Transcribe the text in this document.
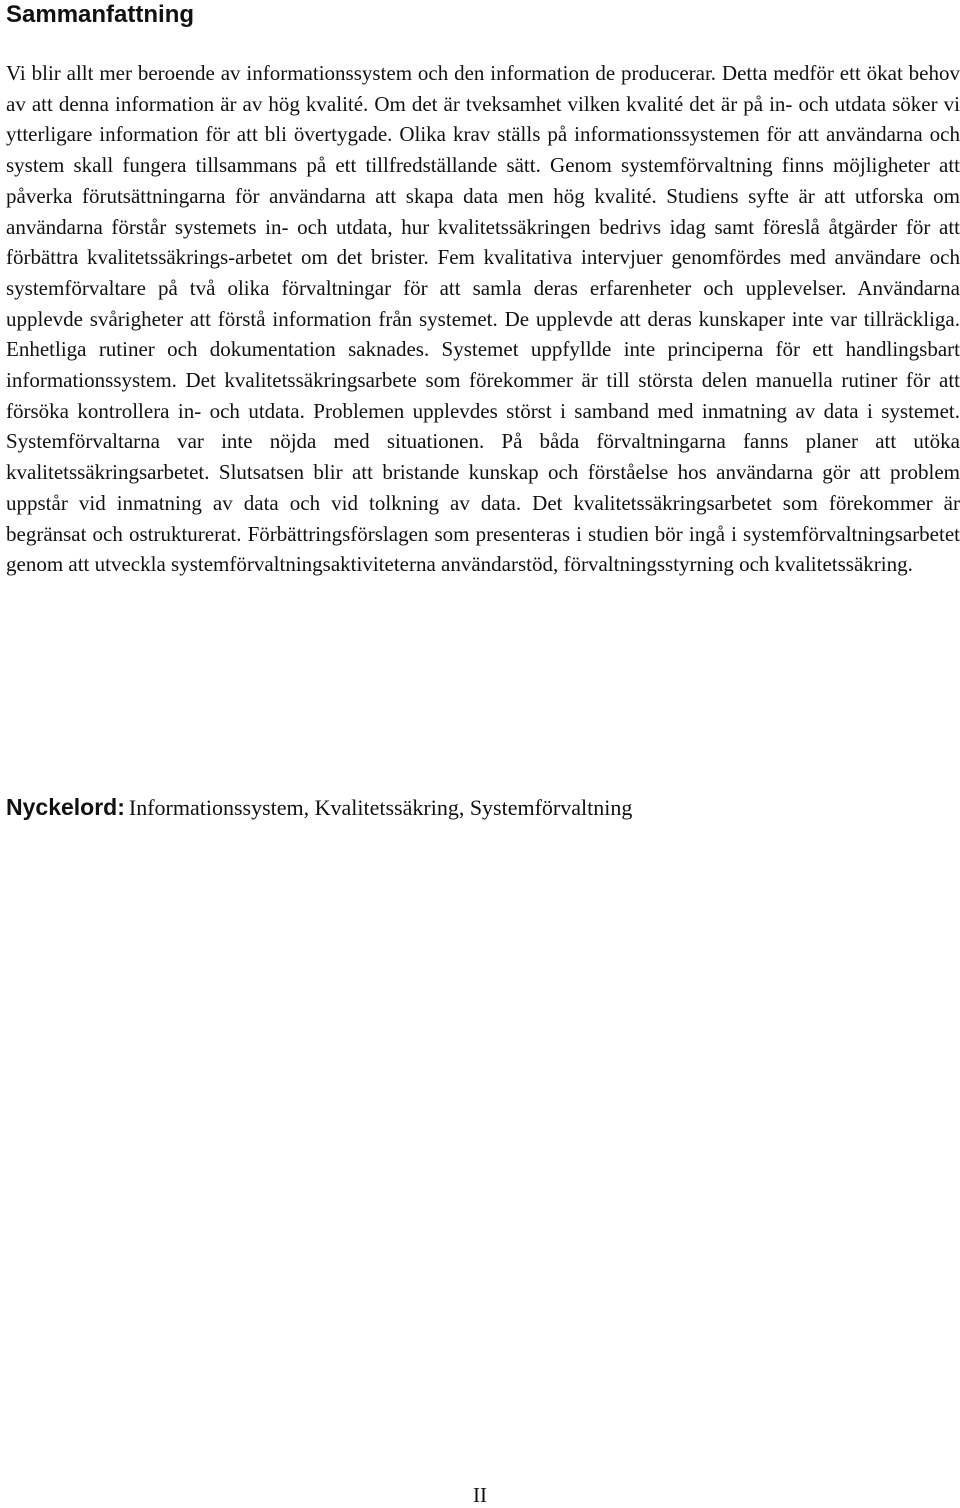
Sammanfattning

Vi blir allt mer beroende av informationssystem och den information de producerar. Detta medför ett ökat behov av att denna information är av hög kvalité. Om det är tveksamhet vilken kvalité det är på in- och utdata söker vi ytterligare information för att bli övertygade. Olika krav ställs på informationssystemen för att användarna och system skall fungera tillsammans på ett tillfredställande sätt. Genom systemförvaltning finns möjligheter att påverka förutsättningarna för användarna att skapa data men hög kvalité. Studiens syfte är att utforska om användarna förstår systemets in- och utdata, hur kvalitetssäkringen bedrivs idag samt föreslå åtgärder för att förbättra kvalitetssäkrings-arbetet om det brister. Fem kvalitativa intervjuer genomfördes med användare och systemförvaltare på två olika förvaltningar för att samla deras erfarenheter och upplevelser. Användarna upplevde svårigheter att förstå information från systemet. De upplevde att deras kunskaper inte var tillräckliga. Enhetliga rutiner och dokumentation saknades. Systemet uppfyllde inte principerna för ett handlingsbart informationssystem. Det kvalitetssäkringsarbete som förekommer är till största delen manuella rutiner för att försöka kontrollera in- och utdata. Problemen upplevdes störst i samband med inmatning av data i systemet. Systemförvaltarna var inte nöjda med situationen. På båda förvaltningarna fanns planer att utöka kvalitetssäkringsarbetet. Slutsatsen blir att bristande kunskap och förståelse hos användarna gör att problem uppstår vid inmatning av data och vid tolkning av data. Det kvalitetssäkringsarbetet som förekommer är begränsat och ostrukturerat. Förbättringsförslagen som presenteras i studien bör ingå i systemförvaltningsarbetet genom att utveckla systemförvaltningsaktiviteterna användarstöd, förvaltningsstyrning och kvalitetssäkring.

Nyckelord: Informationssystem, Kvalitetssäkring, Systemförvaltning

II
